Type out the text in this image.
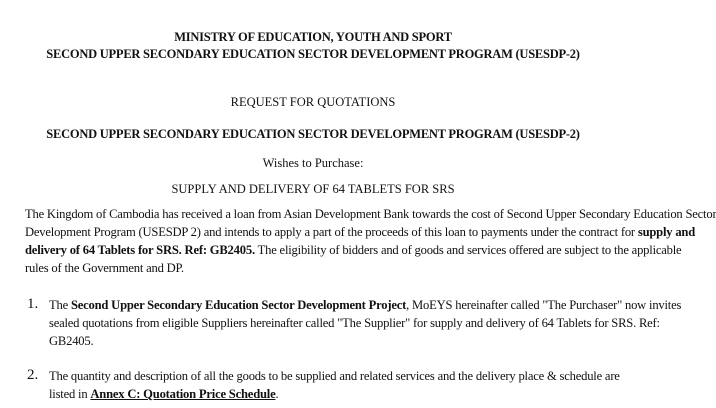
MINISTRY OF EDUCATION, YOUTH AND SPORT
SECOND UPPER SECONDARY EDUCATION SECTOR DEVELOPMENT PROGRAM (USESDP-2)
REQUEST FOR QUOTATIONS
SECOND UPPER SECONDARY EDUCATION SECTOR DEVELOPMENT PROGRAM (USESDP-2)
Wishes to Purchase:
SUPPLY AND DELIVERY OF 64 TABLETS FOR SRS
The Kingdom of Cambodia has received a loan from Asian Development Bank towards the cost of Second Upper Secondary Education Sector
Development Program (USESDP 2) and intends to apply a part of the proceeds of this loan to payments under the contract for supply and
delivery of 64 Tablets for SRS. Ref: GB2405. The eligibility of bidders and of goods and services offered are subject to the applicable
rules of the Government and DP.
1. The Second Upper Secondary Education Sector Development Project, MoEYS hereinafter called "The Purchaser" now invites
sealed quotations from eligible Suppliers hereinafter called "The Supplier" for supply and delivery of 64 Tablets for SRS. Ref:
GB2405.
2. The quantity and description of all the goods to be supplied and related services and the delivery place & schedule are
listed in Annex C: Quotation Price Schedule.
